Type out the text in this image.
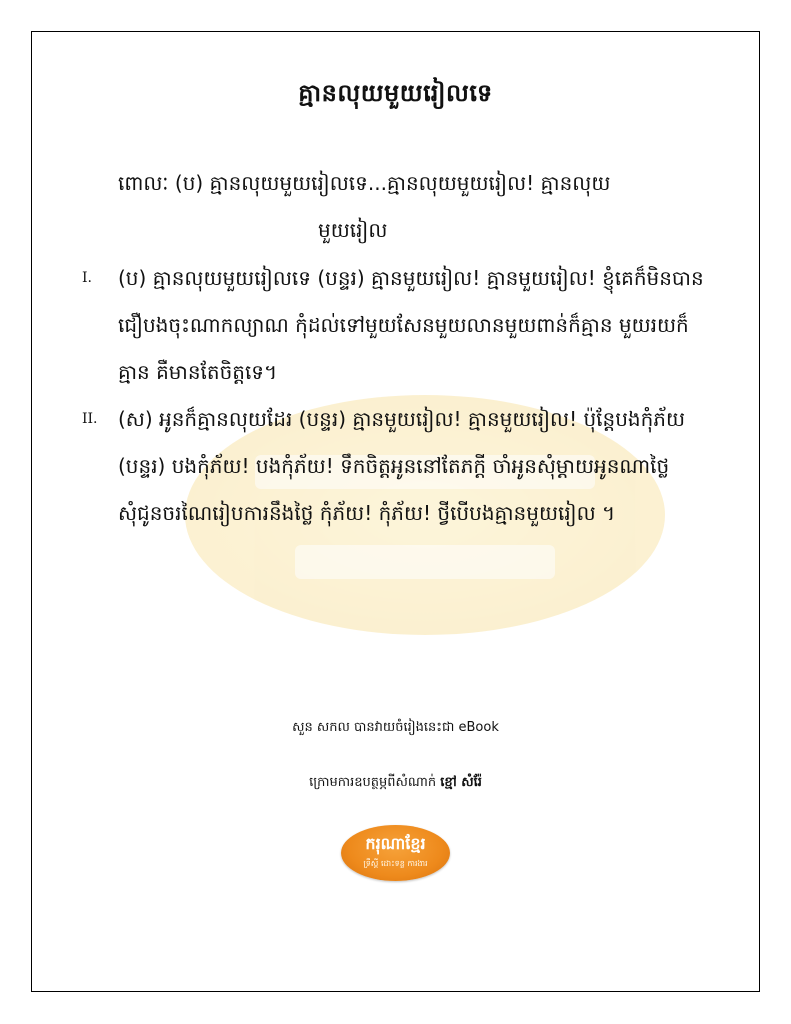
គ្មានលុយមួយរៀលទេ
ពោលៈ (ប) គ្មានលុយមួយរៀលទេ...គ្មានលុយមួយរៀល! គ្មានលុយ
មួយរៀល
I. (ប) គ្មានលុយមួយរៀលទេ (បន្ទរ) គ្មានមួយរៀល! គ្មានមួយរៀល! ខ្ញុំគេក៏មិនបាន ជឿបងចុះណាកល្យាណ កុំដល់ទៅមួយសែនមួយលានមួយពាន់ក៏គ្មាន មួយរយក៏គ្មាន គឺមានតែចិត្តទេ។
II. (ស) អូនក៏គ្មានលុយដែរ (បន្ទរ) គ្មានមួយរៀល! គ្មានមួយរៀល! ប៉ុន្តែបងកុំភ័យ (បន្ទរ) បងកុំភ័យ! បងកុំភ័យ! ទឹកចិត្តអូននៅតែភក្តី ចាំអូនសុំម្តាយអូនណាថ្លៃ សុំជូនចរណៃរៀបការនឹងថ្លៃ កុំភ័យ! កុំភ័យ! ថ្វីបើបងគ្មានមួយរៀល ។
សួន សកល បានវាយចំរៀងនេះជា eBook
ក្រោមការឧបត្ថម្ភពីសំណាក់ ខ្មៅ សំរ៉ែ
ករុណាខ្មែរ
ទ្រឹស្តី ដោះទន្ល ការងារ
